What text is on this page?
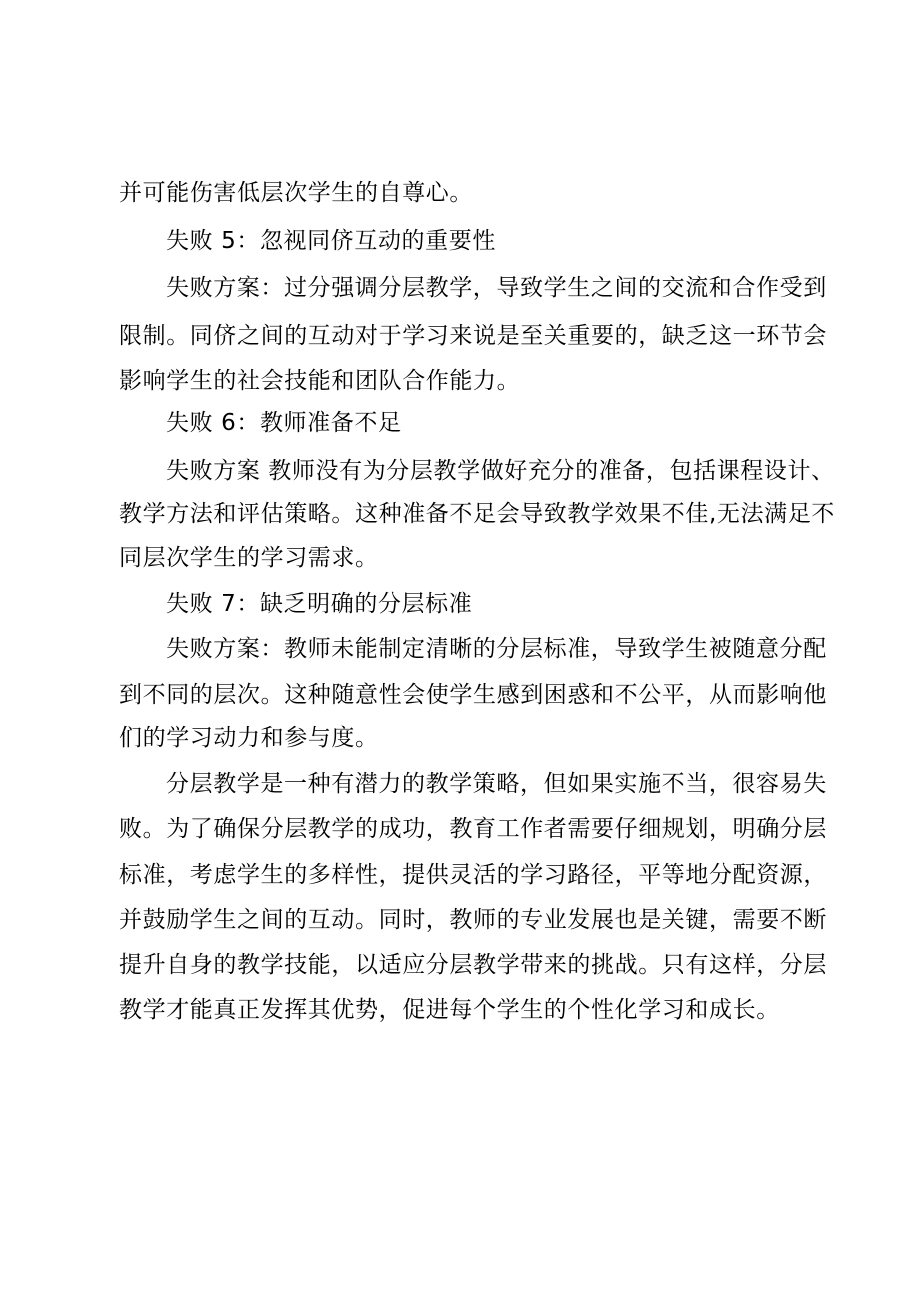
并可能伤害低层次学生的自尊心。
失败 5：忽视同侪互动的重要性
失败方案：过分强调分层教学，导致学生之间的交流和合作受到
限制。同侪之间的互动对于学习来说是至关重要的，缺乏这一环节会
影响学生的社会技能和团队合作能力。
失败 6：教师准备不足
失败方案 教师没有为分层教学做好充分的准备，包括课程设计、
教学方法和评估策略。这种准备不足会导致教学效果不佳,无法满足不
同层次学生的学习需求。
失败 7：缺乏明确的分层标准
失败方案：教师未能制定清晰的分层标准，导致学生被随意分配
到不同的层次。这种随意性会使学生感到困惑和不公平，从而影响他
们的学习动力和参与度。
分层教学是一种有潜力的教学策略，但如果实施不当，很容易失
败。为了确保分层教学的成功，教育工作者需要仔细规划，明确分层
标准，考虑学生的多样性，提供灵活的学习路径，平等地分配资源，
并鼓励学生之间的互动。同时，教师的专业发展也是关键，需要不断
提升自身的教学技能，以适应分层教学带来的挑战。只有这样，分层
教学才能真正发挥其优势，促进每个学生的个性化学习和成长。
